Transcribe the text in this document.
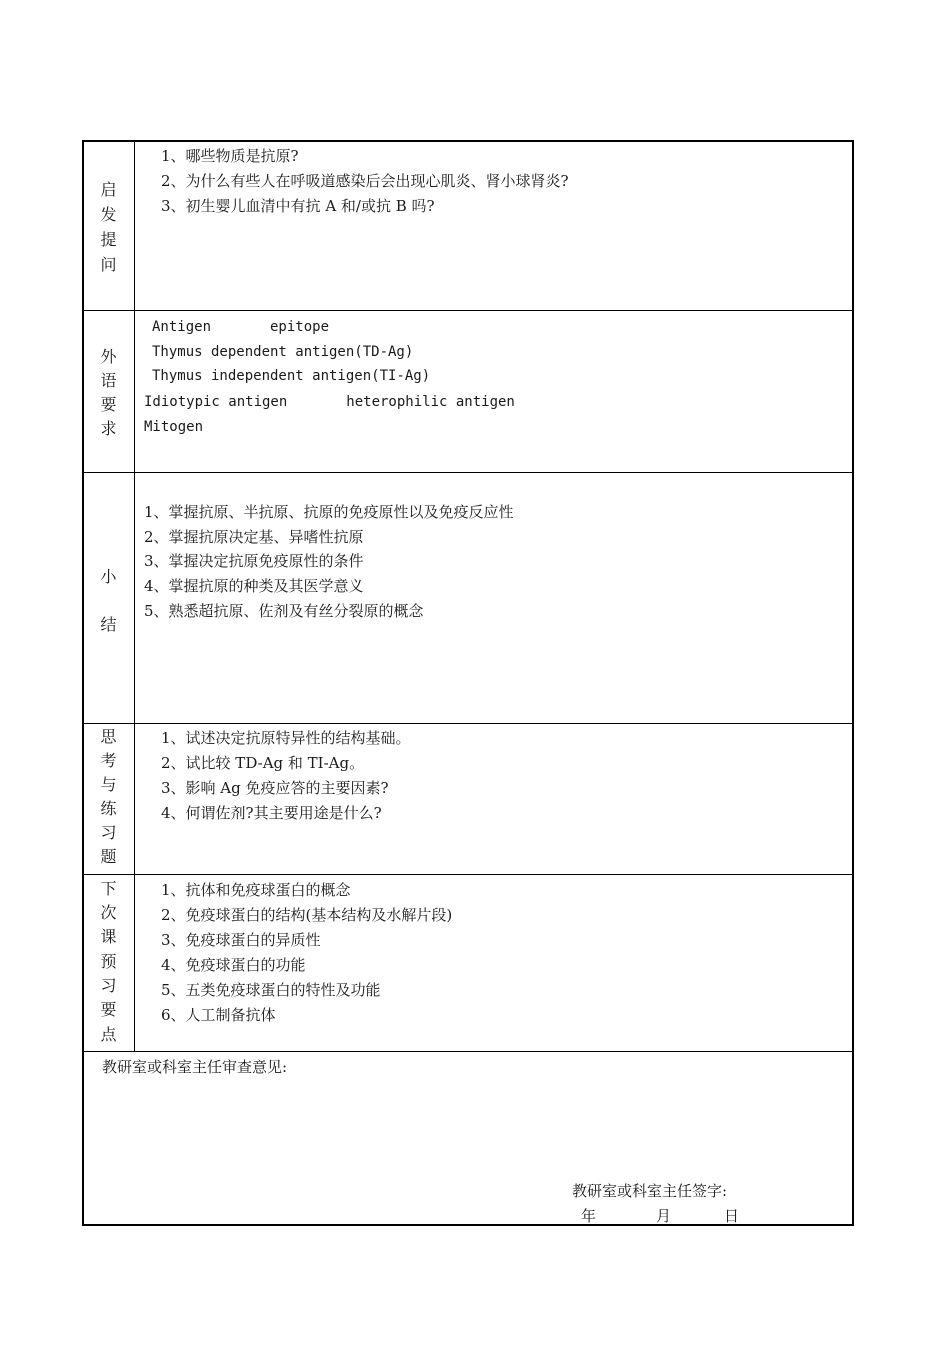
启
发
提
问
1、哪些物质是抗原?
2、为什么有些人在呼吸道感染后会出现心肌炎、肾小球肾炎?
3、初生婴儿血清中有抗 A 和/或抗 B 吗?
外
语
要
求
Antigen       epitope
Thymus dependent antigen(TD-Ag)
Thymus independent antigen(TI-Ag)
Idiotypic antigen       heterophilic antigen
Mitogen
小
结
1、掌握抗原、半抗原、抗原的免疫原性以及免疫反应性
2、掌握抗原决定基、异嗜性抗原
3、掌握决定抗原免疫原性的条件
4、掌握抗原的种类及其医学意义
5、熟悉超抗原、佐剂及有丝分裂原的概念
思
考
与
练
习
题
1、试述决定抗原特异性的结构基础。
2、试比较 TD-Ag 和 TI-Ag。
3、影响 Ag 免疫应答的主要因素?
4、何谓佐剂?其主要用途是什么?
下
次
课
预
习
要
点
1、抗体和免疫球蛋白的概念
2、免疫球蛋白的结构(基本结构及水解片段)
3、免疫球蛋白的异质性
4、免疫球蛋白的功能
5、五类免疫球蛋白的特性及功能
6、人工制备抗体
教研室或科室主任审查意见:
教研室或科室主任签字:
年	月	日
